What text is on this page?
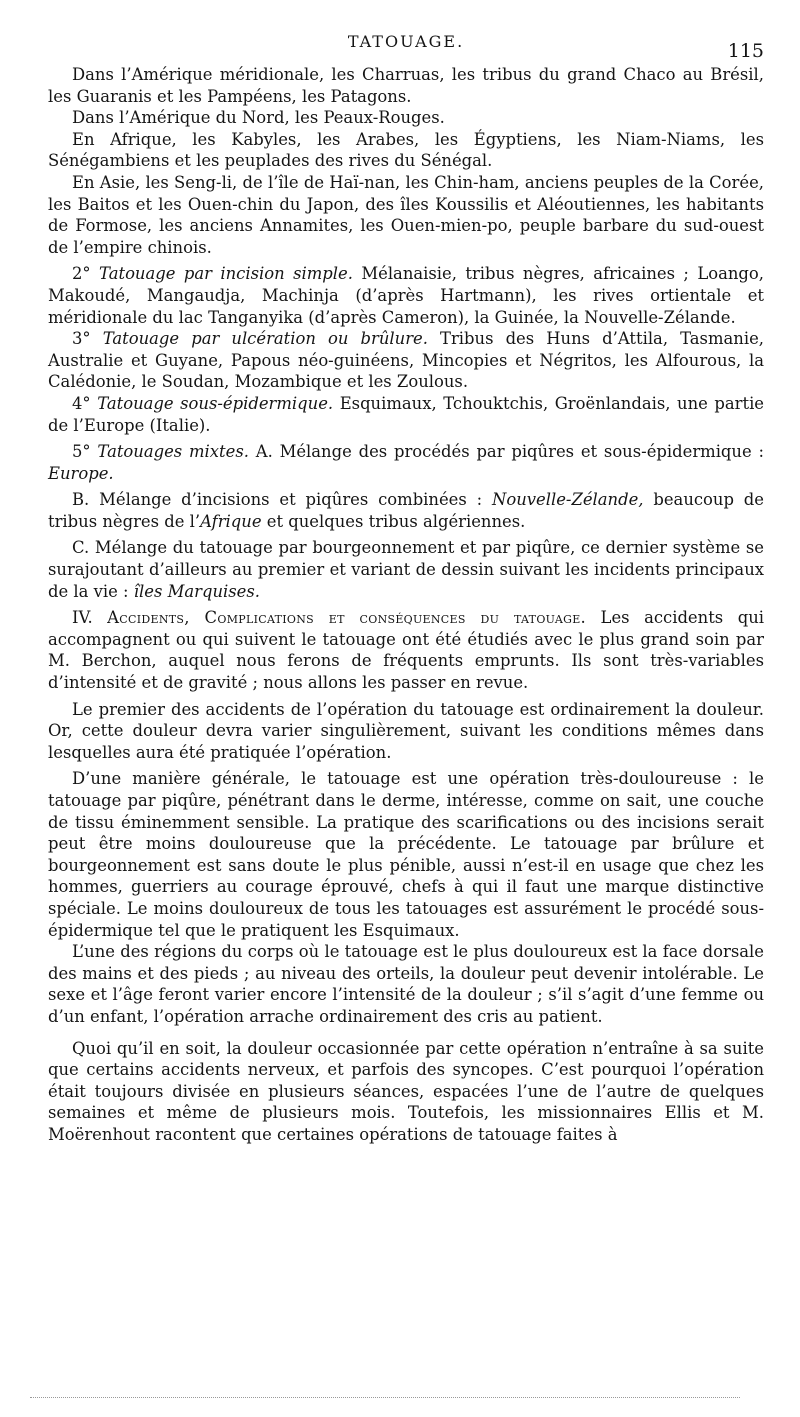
TATOUAGE.	115

Dans l’Amérique méridionale, les Charruas, les tribus du grand Chaco au Brésil, les Guaranis et les Pampéens, les Patagons.

Dans l’Amérique du Nord, les Peaux-Rouges.

En Afrique, les Kabyles, les Arabes, les Égyptiens, les Niam-Niams, les Sénégambiens et les peuplades des rives du Sénégal.

En Asie, les Seng-li, de l’île de Haï-nan, les Chin-ham, anciens peuples de la Corée, les Baitos et les Ouen-chin du Japon, des îles Koussilis et Aléoutiennes, les habitants de Formose, les anciens Annamites, les Ouen-mien-po, peuple barbare du sud-ouest de l’empire chinois.

2° Tatouage par incision simple. Mélanaisie, tribus nègres, africaines ; Loango, Makoudé, Mangaudja, Machinja (d’après Hartmann), les rives ortientale et méridionale du lac Tanganyika (d’après Cameron), la Guinée, la Nouvelle-Zélande.

3° Tatouage par ulcération ou brûlure. Tribus des Huns d’Attila, Tasmanie, Australie et Guyane, Papous néo-guinéens, Mincopies et Négritos, les Alfourous, la Calédonie, le Soudan, Mozambique et les Zoulous.

4° Tatouage sous-épidermique. Esquimaux, Tchouktchis, Groënlandais, une partie de l’Europe (Italie).

5° Tatouages mixtes. A. Mélange des procédés par piqûres et sous-épidermique : Europe.

B. Mélange d’incisions et piqûres combinées : Nouvelle-Zélande, beaucoup de tribus nègres de l’Afrique et quelques tribus algériennes.

C. Mélange du tatouage par bourgeonnement et par piqûre, ce dernier système se surajoutant d’ailleurs au premier et variant de dessin suivant les incidents principaux de la vie : îles Marquises.

IV. Accidents, Complications et conséquences du tatouage. Les accidents qui accompagnent ou qui suivent le tatouage ont été étudiés avec le plus grand soin par M. Berchon, auquel nous ferons de fréquents emprunts. Ils sont très-variables d’intensité et de gravité ; nous allons les passer en revue.

Le premier des accidents de l’opération du tatouage est ordinairement la douleur. Or, cette douleur devra varier singulièrement, suivant les conditions mêmes dans lesquelles aura été pratiquée l’opération.

D’une manière générale, le tatouage est une opération très-douloureuse : le tatouage par piqûre, pénétrant dans le derme, intéresse, comme on sait, une couche de tissu éminemment sensible. La pratique des scarifications ou des incisions serait peut être moins douloureuse que la précédente. Le tatouage par brûlure et bourgeonnement est sans doute le plus pénible, aussi n’est-il en usage que chez les hommes, guerriers au courage éprouvé, chefs à qui il faut une marque distinctive spéciale. Le moins douloureux de tous les tatouages est assurément le procédé sous-épidermique tel que le pratiquent les Esquimaux.

L’une des régions du corps où le tatouage est le plus douloureux est la face dorsale des mains et des pieds ; au niveau des orteils, la douleur peut devenir intolérable. Le sexe et l’âge feront varier encore l’intensité de la douleur ; s’il s’agit d’une femme ou d’un enfant, l’opération arrache ordinairement des cris au patient.

Quoi qu’il en soit, la douleur occasionnée par cette opération n’entraîne à sa suite que certains accidents nerveux, et parfois des syncopes. C’est pourquoi l’opération était toujours divisée en plusieurs séances, espacées l’une de l’autre de quelques semaines et même de plusieurs mois. Toutefois, les missionnaires Ellis et M. Moërenhout racontent que certaines opérations de tatouage faites à
